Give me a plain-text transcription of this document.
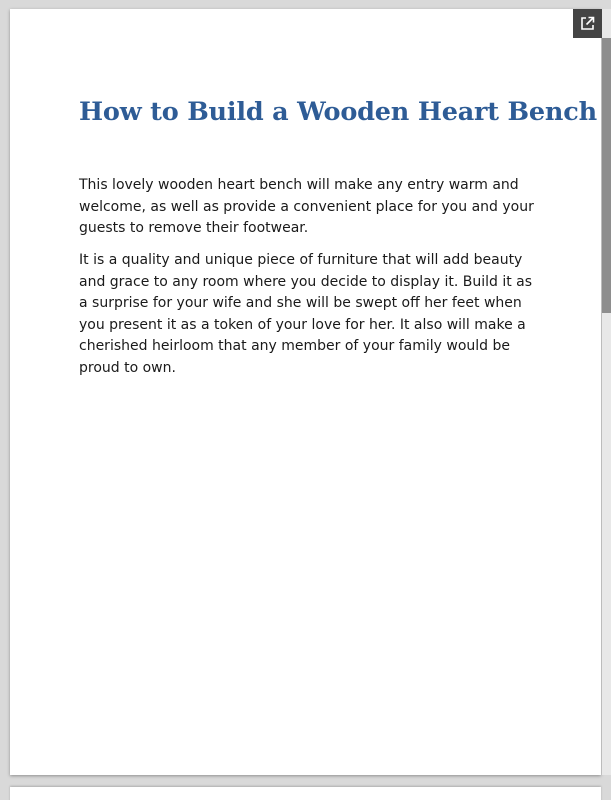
How to Build a Wooden Heart Bench

This lovely wooden heart bench will make any entry warm and welcome, as well as provide a convenient place for you and your guests to remove their footwear.

It is a quality and unique piece of furniture that will add beauty and grace to any room where you decide to display it. Build it as a surprise for your wife and she will be swept off her feet when you present it as a token of your love for her. It also will make a cherished heirloom that any member of your family would be proud to own.
